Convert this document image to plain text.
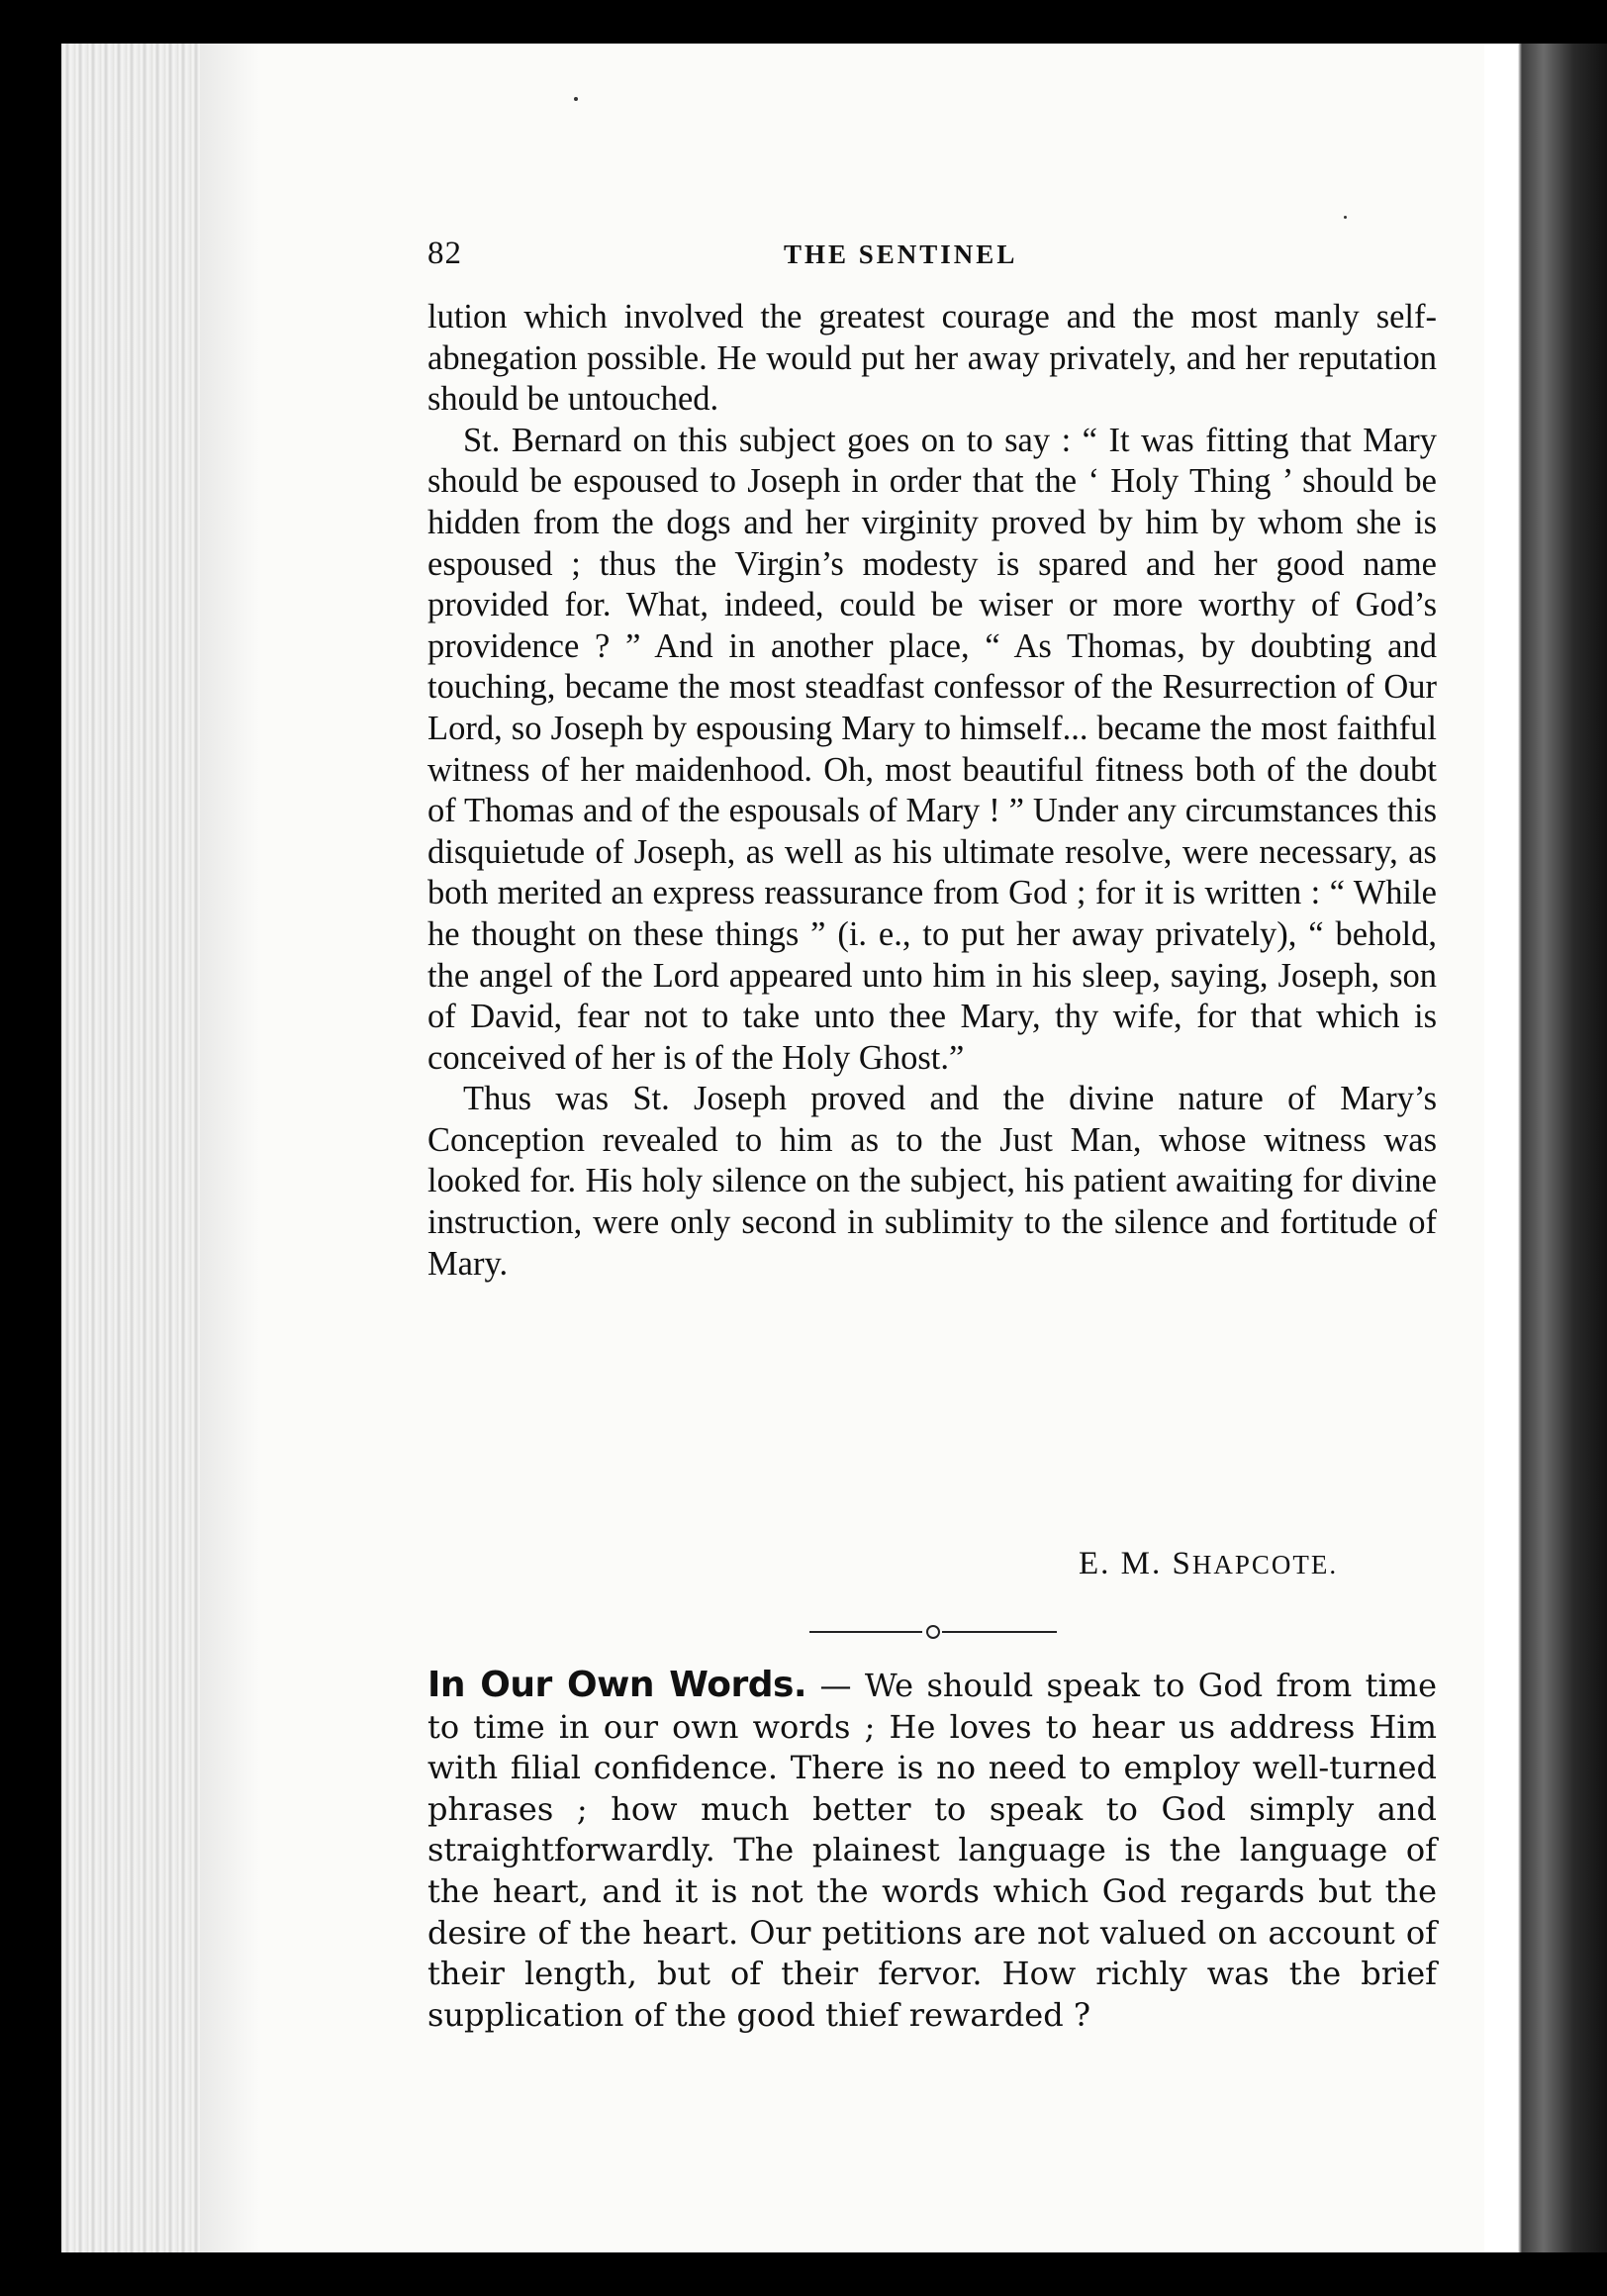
82	THE SENTINEL

lution which involved the greatest courage and the most manly self-abnegation possible. He would put her away privately, and her reputation should be untouched.

St. Bernard on this subject goes on to say : “ It was fitting that Mary should be espoused to Joseph in order that the ‘ Holy Thing ’ should be hidden from the dogs and her virginity proved by him by whom she is espoused ; thus the Virgin’s modesty is spared and her good name provided for. What, indeed, could be wiser or more worthy of God’s providence ? ” And in another place, “ As Thomas, by doubting and touching, became the most steadfast confessor of the Resurrection of Our Lord, so Joseph by espousing Mary to himself... became the most faithful witness of her maidenhood. Oh, most beautiful fitness both of the doubt of Thomas and of the espousals of Mary ! ” Under any circumstances this disquietude of Joseph, as well as his ultimate resolve, were necessary, as both merited an express reassurance from God ; for it is written : “ While he thought on these things ” (i. e., to put her away privately), “ behold, the angel of the Lord appeared unto him in his sleep, saying, Joseph, son of David, fear not to take unto thee Mary, thy wife, for that which is conceived of her is of the Holy Ghost.”

Thus was St. Joseph proved and the divine nature of Mary’s Conception revealed to him as to the Just Man, whose witness was looked for. His holy silence on the subject, his patient awaiting for divine instruction, were only second in sublimity to the silence and fortitude of Mary.

E. M. SHAPCOTE.

In Our Own Words. — We should speak to God from time to time in our own words ; He loves to hear us address Him with filial confidence. There is no need to employ well-turned phrases ; how much better to speak to God simply and straightforwardly. The plainest language is the language of the heart, and it is not the words which God regards but the desire of the heart. Our petitions are not valued on account of their length, but of their fervor. How richly was the brief supplication of the good thief rewarded ?
